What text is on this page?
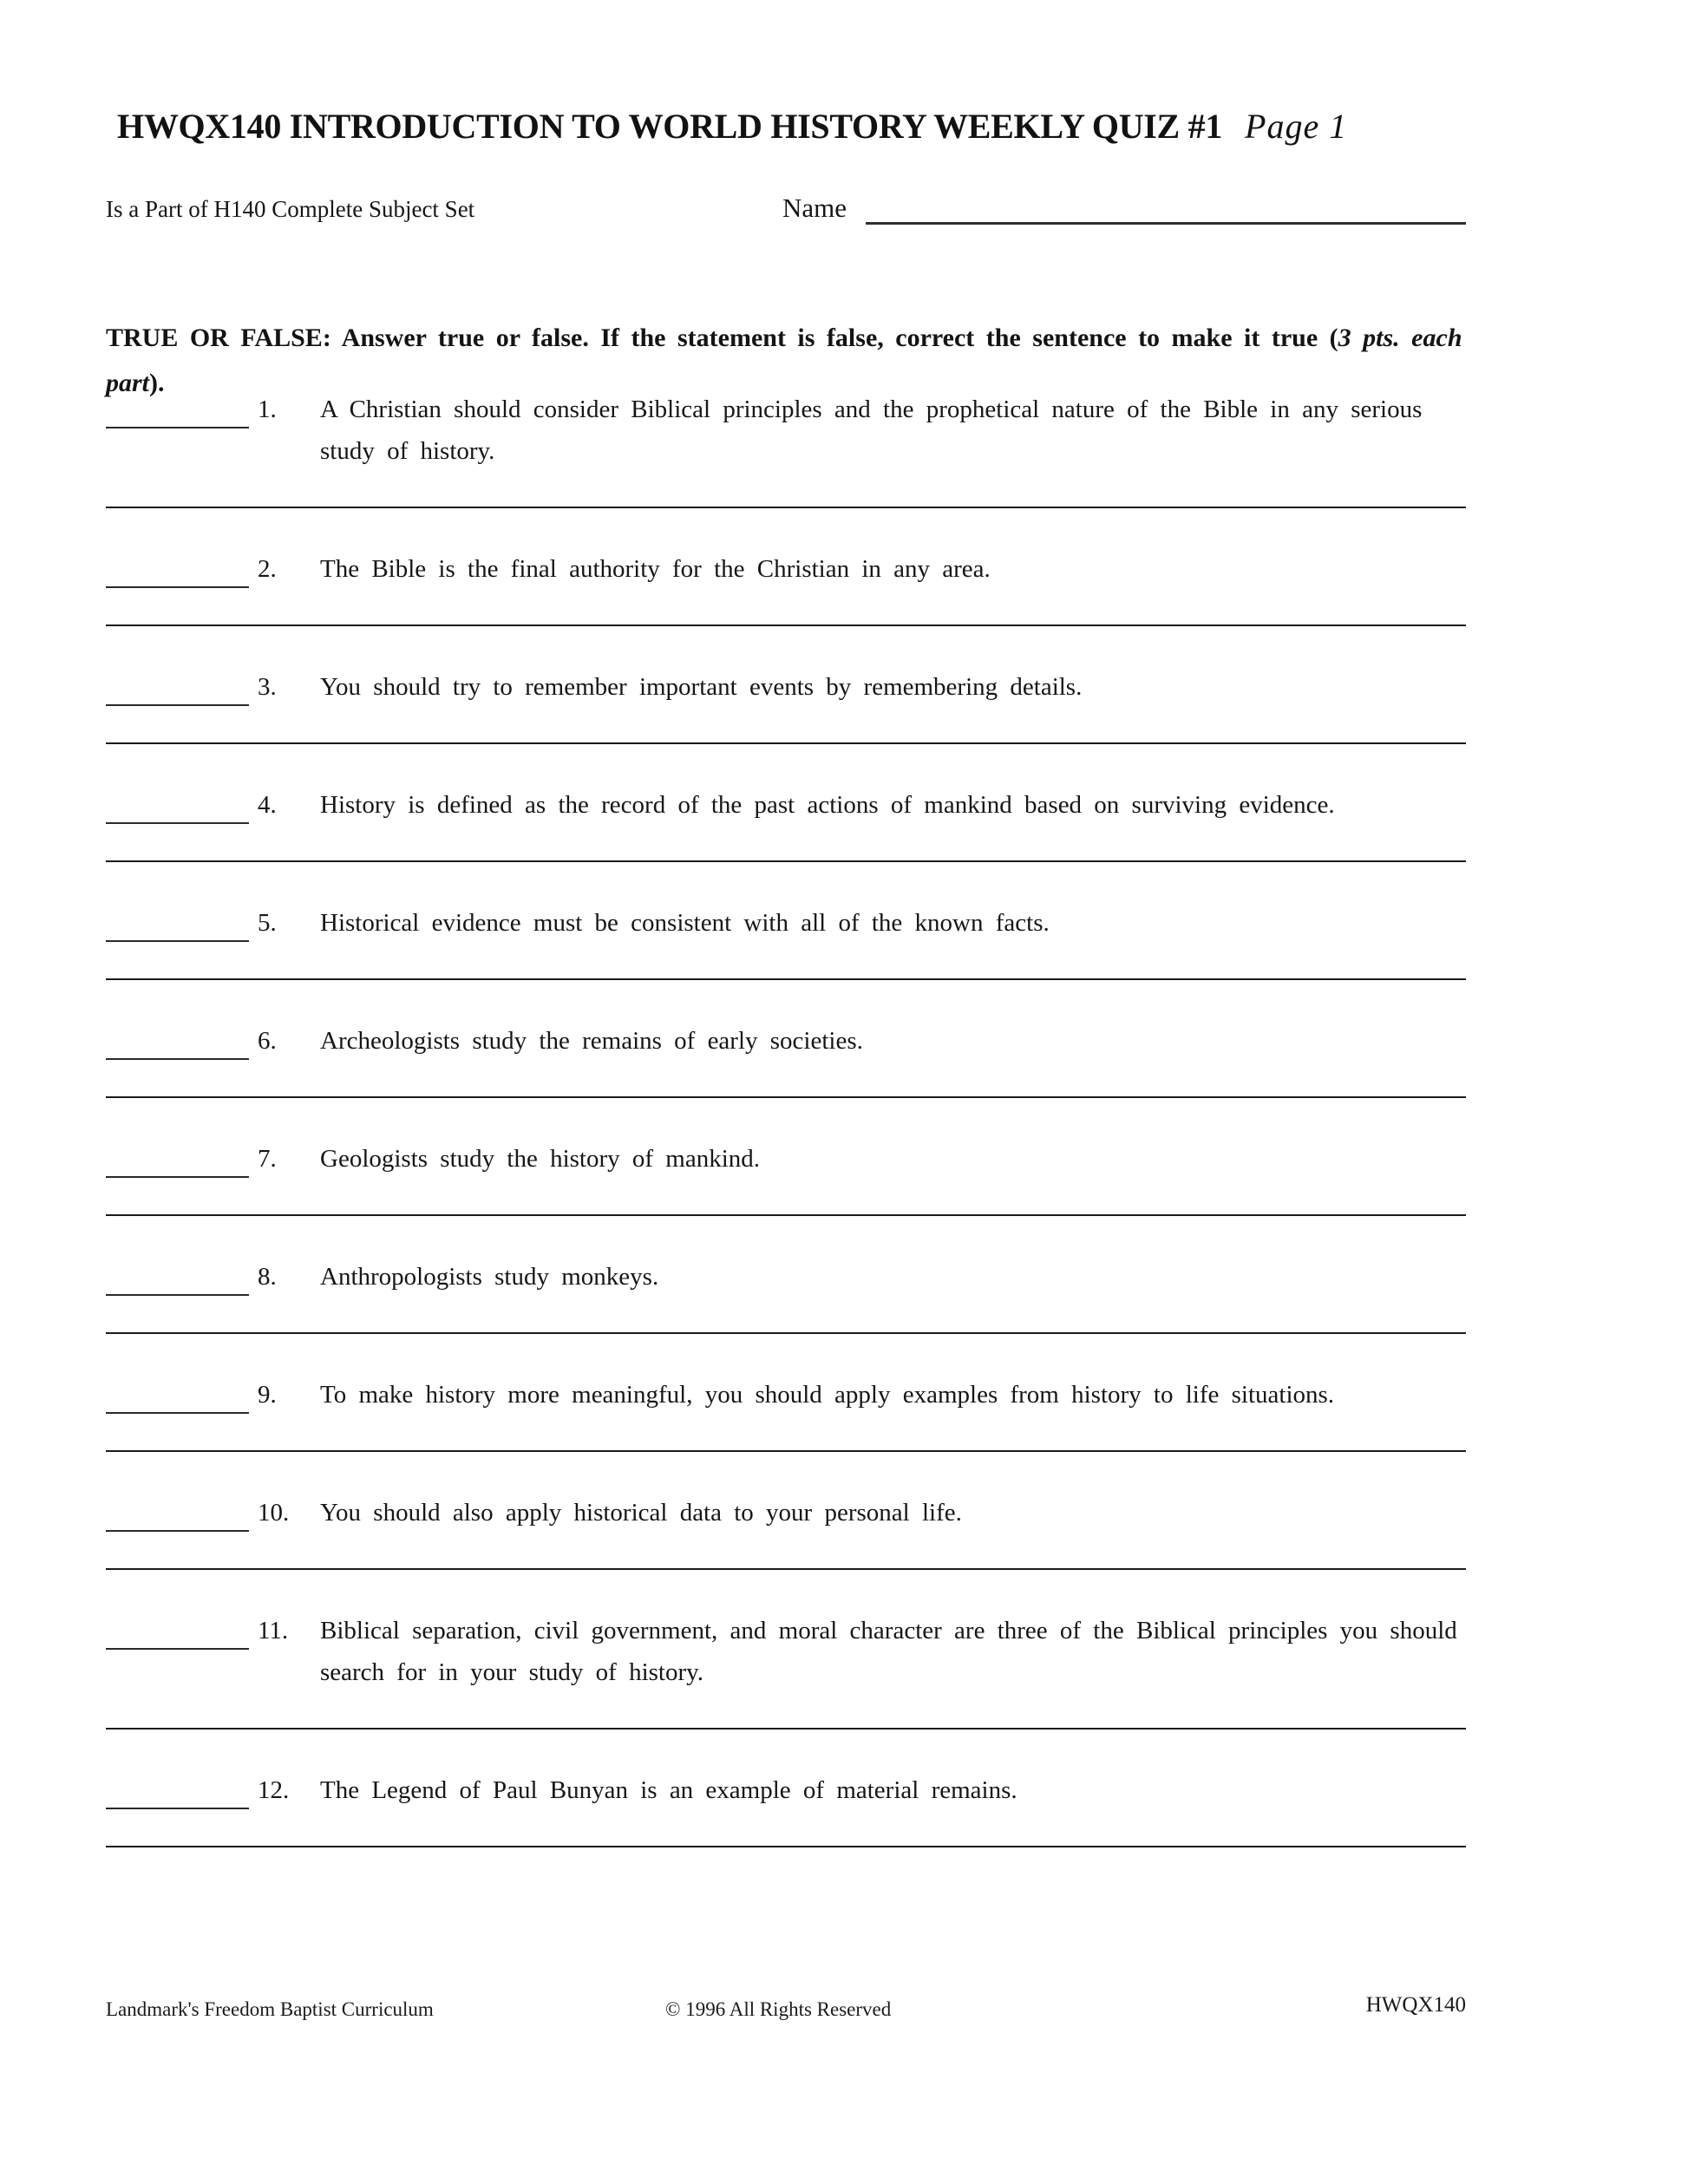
HWQX140 INTRODUCTION TO WORLD HISTORY WEEKLY QUIZ #1 Page 1
Is a Part of H140 Complete Subject Set	Name

TRUE OR FALSE: Answer true or false. If the statement is false, correct the sentence to make it true (3 pts. each part).

1.	A Christian should consider Biblical principles and the prophetical nature of the Bible in any serious study of history.
2.	The Bible is the final authority for the Christian in any area.
3.	You should try to remember important events by remembering details.
4.	History is defined as the record of the past actions of mankind based on surviving evidence.
5.	Historical evidence must be consistent with all of the known facts.
6.	Archeologists study the remains of early societies.
7.	Geologists study the history of mankind.
8.	Anthropologists study monkeys.
9.	To make history more meaningful, you should apply examples from history to life situations.
10.	You should also apply historical data to your personal life.
11.	Biblical separation, civil government, and moral character are three of the Biblical principles you should search for in your study of history.
12.	The Legend of Paul Bunyan is an example of material remains.
Landmark's Freedom Baptist Curriculum	© 1996 All Rights Reserved	HWQX140
